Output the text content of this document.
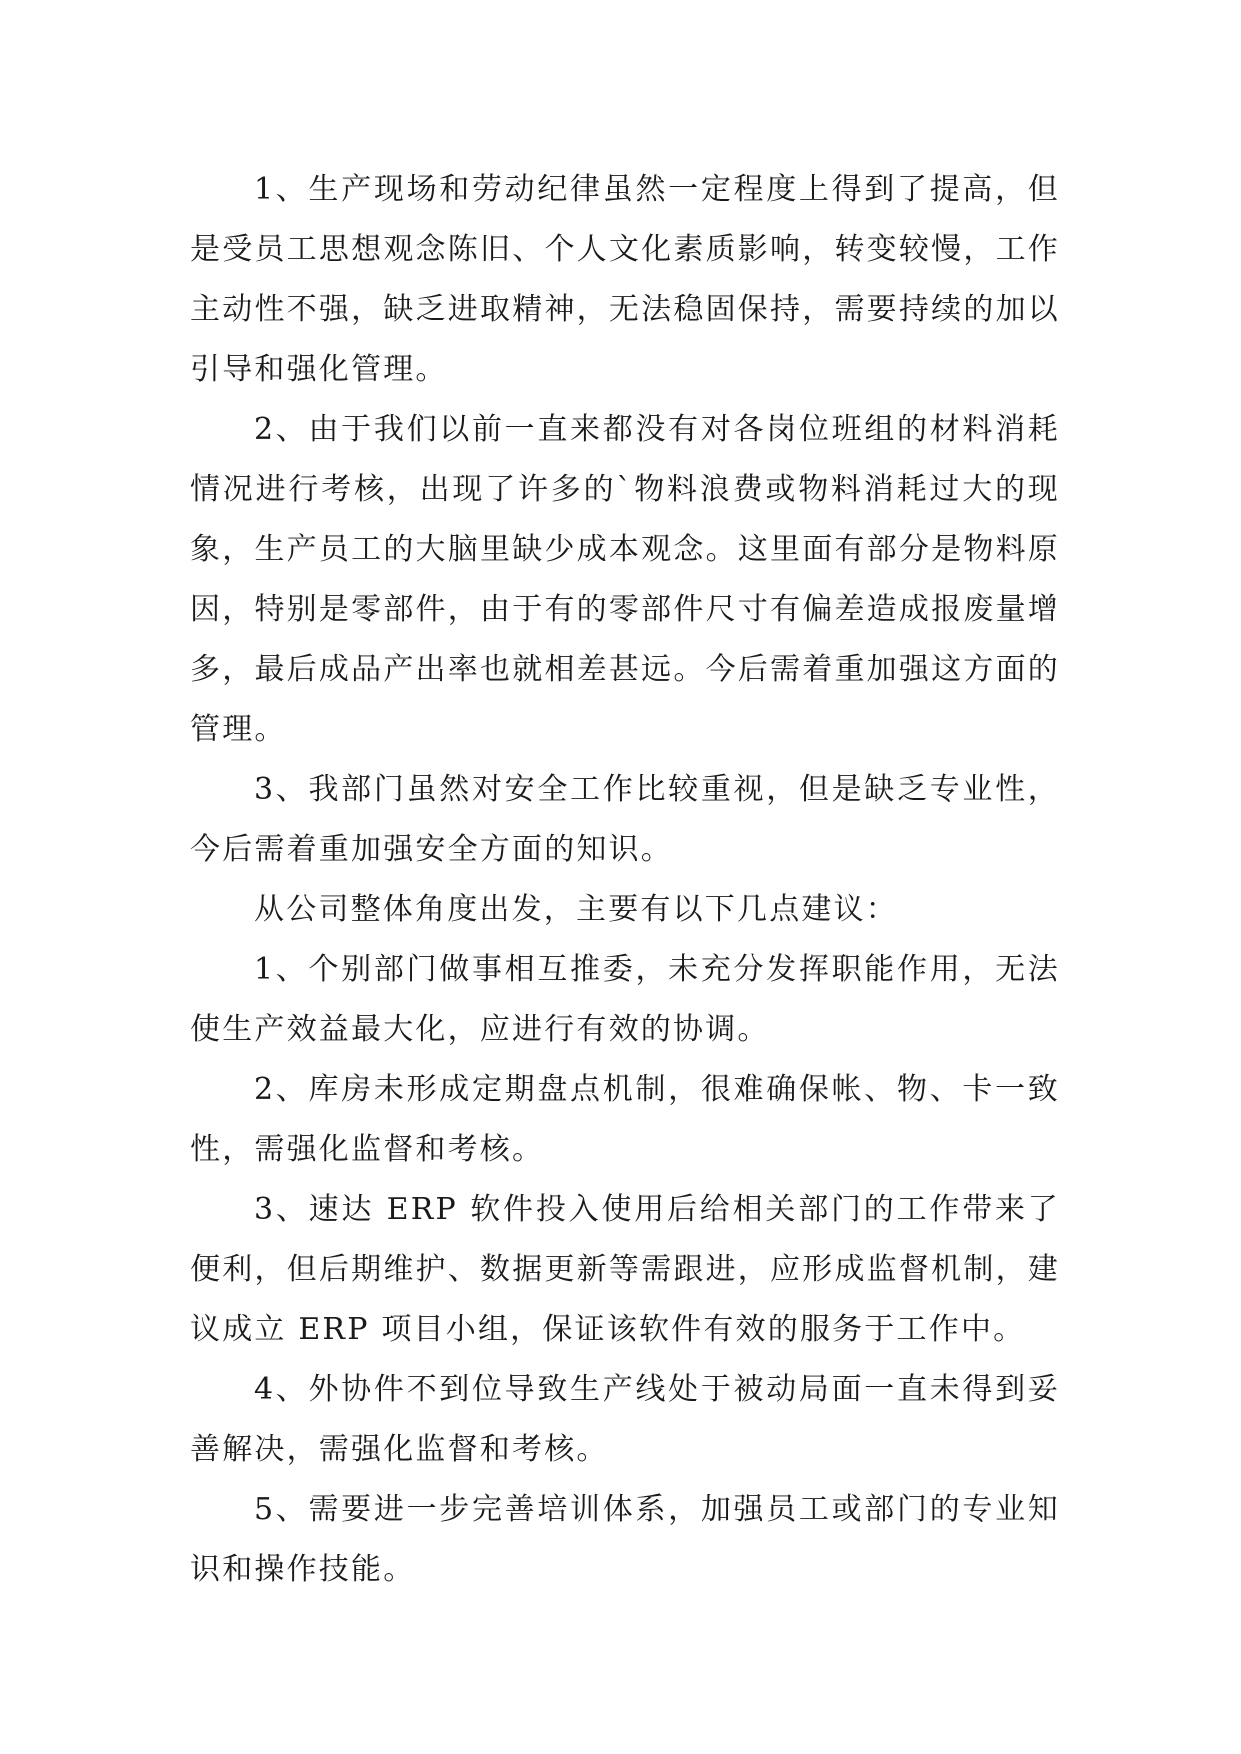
1、生产现场和劳动纪律虽然一定程度上得到了提高，但是受员工思想观念陈旧、个人文化素质影响，转变较慢，工作主动性不强，缺乏进取精神，无法稳固保持，需要持续的加以引导和强化管理。

2、由于我们以前一直来都没有对各岗位班组的材料消耗情况进行考核，出现了许多的`物料浪费或物料消耗过大的现象，生产员工的大脑里缺少成本观念。这里面有部分是物料原因，特别是零部件，由于有的零部件尺寸有偏差造成报废量增多，最后成品产出率也就相差甚远。今后需着重加强这方面的管理。

3、我部门虽然对安全工作比较重视，但是缺乏专业性，今后需着重加强安全方面的知识。

从公司整体角度出发，主要有以下几点建议：

1、个别部门做事相互推委，未充分发挥职能作用，无法使生产效益最大化，应进行有效的协调。

2、库房未形成定期盘点机制，很难确保帐、物、卡一致性，需强化监督和考核。

3、速达 ERP 软件投入使用后给相关部门的工作带来了便利，但后期维护、数据更新等需跟进，应形成监督机制，建议成立 ERP 项目小组，保证该软件有效的服务于工作中。

4、外协件不到位导致生产线处于被动局面一直未得到妥善解决，需强化监督和考核。

5、需要进一步完善培训体系，加强员工或部门的专业知识和操作技能。
